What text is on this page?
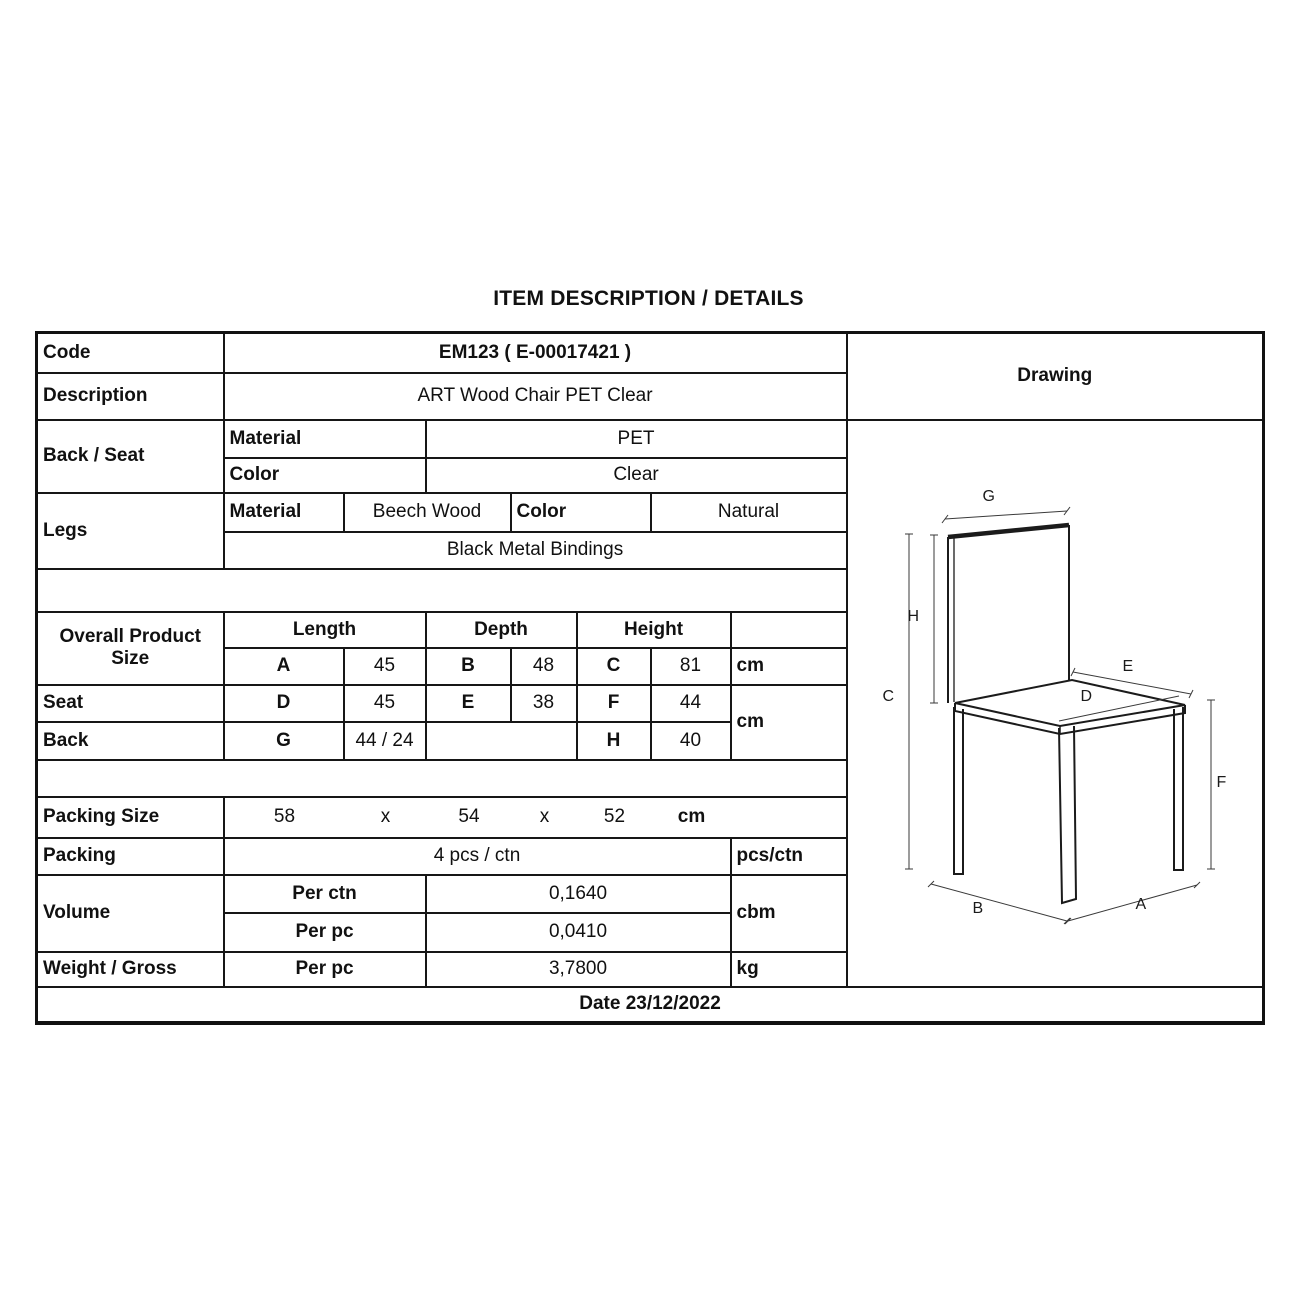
ITEM DESCRIPTION / DETAILS
Code	EM123 ( E-00017421 )							Drawing
Description	ART Wood Chair PET Clear							
Back / Seat	Material	PET	
G
H
C
E
D
F
B	A

	Color		Clear					
Legs	Material	Beech Wood		Color		Natural		
	Black Metal Bindings							

Overall Product Size	Length		Depth		Height			
	A	45	B	48	C	81	cm	
Seat	D	45	E	38	F	44	cm	
Back	G	44 / 24			H	40		

Packing Size	58	x	54	x	52	cm

Packing	4 pcs / ctn						pcs/ctn	
Volume	Per ctn		0,1640				cbm	
	Per pc		0,0410					
Weight / Gross	Per pc		3,7800				kg	
Date 23/12/2022								
